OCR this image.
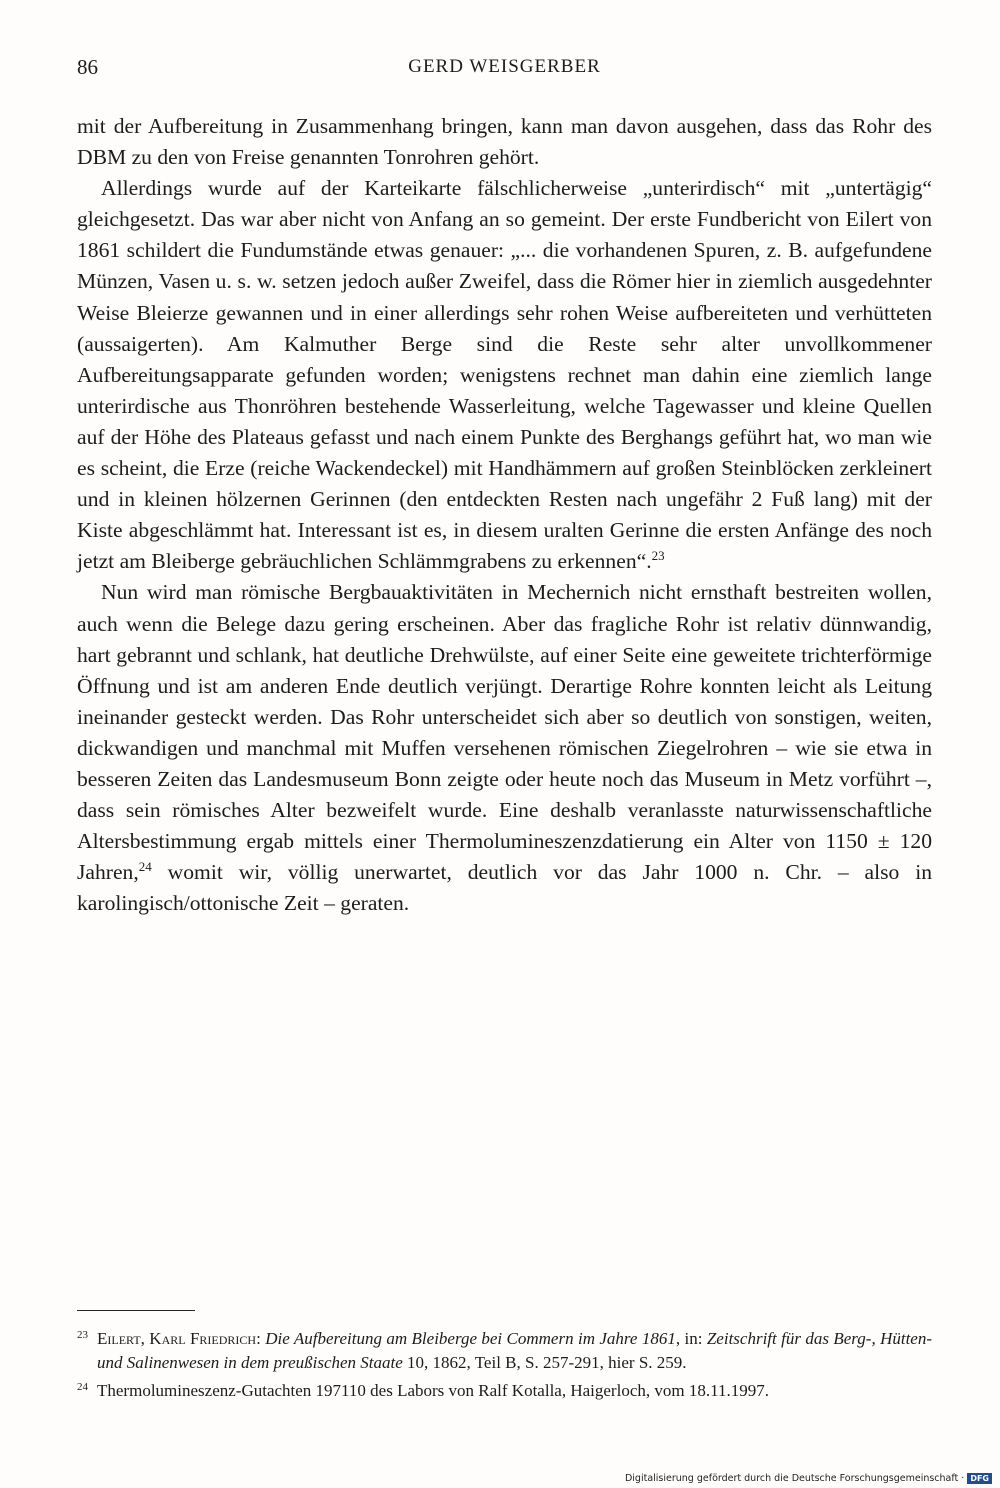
86	GERD WEISGERBER

mit der Aufbereitung in Zusammenhang bringen, kann man davon ausgehen, dass das Rohr des DBM zu den von Freise genannten Tonrohren gehört.

Allerdings wurde auf der Karteikarte fälschlicherweise „unterirdisch“ mit „untertägig“ gleichgesetzt. Das war aber nicht von Anfang an so gemeint. Der erste Fundbericht von Eilert von 1861 schildert die Fundumstände etwas genauer: „... die vorhandenen Spuren, z. B. aufgefundene Münzen, Vasen u. s. w. setzen jedoch außer Zweifel, dass die Römer hier in ziemlich ausgedehnter Weise Bleierze gewannen und in einer allerdings sehr rohen Weise aufbereiteten und verhütteten (aussaigerten). Am Kalmuther Berge sind die Reste sehr alter unvollkommener Aufbereitungsapparate gefunden worden; wenigstens rechnet man dahin eine ziemlich lange unterirdische aus Thonröhren bestehende Wasserleitung, welche Tagewasser und kleine Quellen auf der Höhe des Plateaus gefasst und nach einem Punkte des Berghangs geführt hat, wo man wie es scheint, die Erze (reiche Wackendeckel) mit Handhämmern auf großen Steinblöcken zerkleinert und in kleinen hölzernen Gerinnen (den entdeckten Resten nach ungefähr 2 Fuß lang) mit der Kiste abgeschlämmt hat. Interessant ist es, in diesem uralten Gerinne die ersten Anfänge des noch jetzt am Bleiberge gebräuchlichen Schlämmgrabens zu erkennen“.$^{23}$

Nun wird man römische Bergbauaktivitäten in Mechernich nicht ernsthaft bestreiten wollen, auch wenn die Belege dazu gering erscheinen. Aber das fragliche Rohr ist relativ dünnwandig, hart gebrannt und schlank, hat deutliche Drehwülste, auf einer Seite eine geweitete trichterförmige Öffnung und ist am anderen Ende deutlich verjüngt. Derartige Rohre konnten leicht als Leitung ineinander gesteckt werden. Das Rohr unterscheidet sich aber so deutlich von sonstigen, weiten, dickwandigen und manchmal mit Muffen versehenen römischen Ziegelrohren – wie sie etwa in besseren Zeiten das Landesmuseum Bonn zeigte oder heute noch das Museum in Metz vorführt –, dass sein römisches Alter bezweifelt wurde. Eine deshalb veranlasste naturwissenschaftliche Altersbestimmung ergab mittels einer Thermolumineszenzdatierung ein Alter von 1150 ± 120 Jahren,$^{24}$ womit wir, völlig unerwartet, deutlich vor das Jahr 1000 n. Chr. – also in karolingisch/ottonische Zeit – geraten.

23 Eilert, Karl Friedrich: Die Aufbereitung am Bleiberge bei Commern im Jahre 1861, in: Zeitschrift für das Berg-, Hütten- und Salinenwesen in dem preußischen Staate 10, 1862, Teil B, S. 257-291, hier S. 259.

24 Thermolumineszenz-Gutachten 197110 des Labors von Ralf Kotalla, Haigerloch, vom 18.11.1997.

Digitalisierung gefördert durch die Deutsche Forschungsgemeinschaft · DFG
